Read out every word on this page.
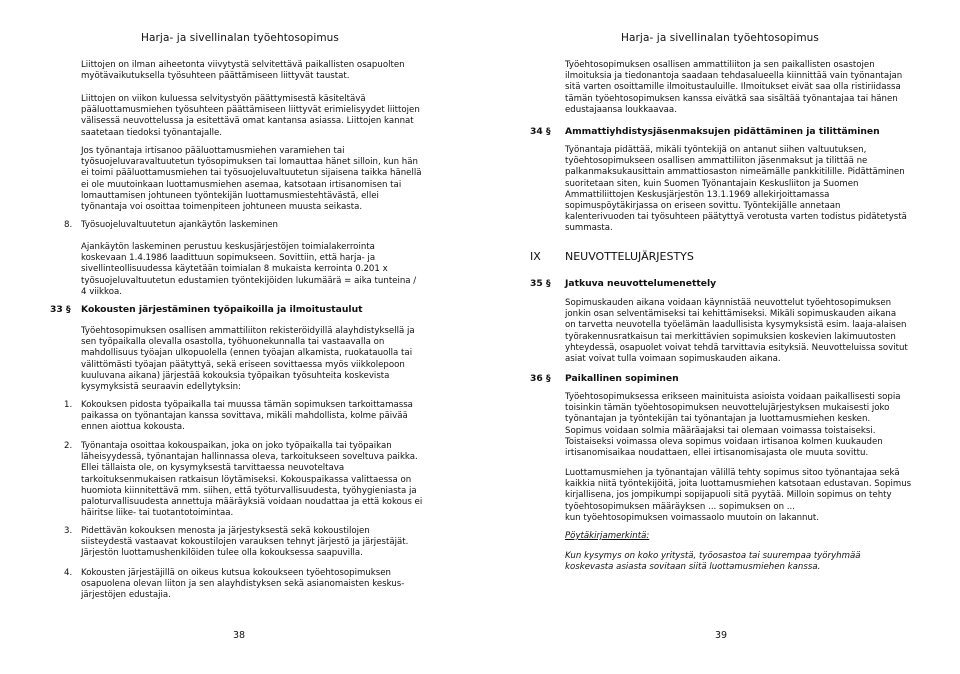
Harja- ja sivellinalan työehtosopimus
Liittojen on ilman aiheetonta viivytystä selvitettävä paikallisten osapuolten
myötävaikutuksella työsuhteen päättämiseen liittyvät taustat.
Liittojen on viikon kuluessa selvitystyön päättymisestä käsiteltävä
pääluottamusmiehen työsuhteen päättämiseen liittyvät erimielisyydet liittojen
välisessä neuvottelussa ja esitettävä omat kantansa asiassa. Liittojen kannat
saatetaan tiedoksi työnantajalle.
Jos työnantaja irtisanoo pääluottamusmiehen varamiehen tai
työsuojeluvaravaltuutetun työsopimuksen tai lomauttaa hänet silloin, kun hän
ei toimi pääluottamusmiehen tai työsuojeluvaltuutetun sijaisena taikka hänellä
ei ole muutoinkaan luottamusmiehen asemaa, katsotaan irtisanomisen tai
lomauttamisen johtuneen työntekijän luottamusmiestehtävästä, ellei
työnantaja voi osoittaa toimenpiteen johtuneen muusta seikasta.
8. Työsuojeluvaltuutetun ajankäytön laskeminen
Ajankäytön laskeminen perustuu keskusjärjestöjen toimialakerrointa
koskevaan 1.4.1986 laadittuun sopimukseen. Sovittiin, että harja- ja
sivellinteollisuudessa käytetään toimialan 8 mukaista kerrointa 0.201 x
työsuojeluvaltuutetun edustamien työntekijöiden lukumäärä = aika tunteina /
4 viikkoa.
33 § Kokousten järjestäminen työpaikoilla ja ilmoitustaulut
Työehtosopimuksen osallisen ammattiliiton rekisteröidyillä alayhdistyksellä ja
sen työpaikalla olevalla osastolla, työhuonekunnalla tai vastaavalla on
mahdollisuus työajan ulkopuolella (ennen työajan alkamista, ruokatauolla tai
välittömästi työajan päätyttyä, sekä eriseen sovittaessa myös viikkolepoon
kuuluvana aikana) järjestää kokouksia työpaikan työsuhteita koskevista
kysymyksistä seuraavin edellytyksin:
1. Kokouksen pidosta työpaikalla tai muussa tämän sopimuksen tarkoittamassa
paikassa on työnantajan kanssa sovittava, mikäli mahdollista, kolme päivää
ennen aiottua kokousta.
2. Työnantaja osoittaa kokouspaikan, joka on joko työpaikalla tai työpaikan
läheisyydessä, työnantajan hallinnassa oleva, tarkoitukseen soveltuva paikka.
Ellei tällaista ole, on kysymyksestä tarvittaessa neuvoteltava
tarkoituksenmukaisen ratkaisun löytämiseksi. Kokouspaikassa valittaessa on
huomiota kiinnitettävä mm. siihen, että työturvallisuudesta, työhygieniasta ja
paloturvallisuudesta annettuja määräyksiä voidaan noudattaa ja että kokous ei
häiritse liike- tai tuotantotoimintaa.
3. Pidettävän kokouksen menosta ja järjestyksestä sekä kokoustilojen
siisteydestä vastaavat kokoustilojen varauksen tehnyt järjestö ja järjestäjät.
Järjestön luottamushenkilöiden tulee olla kokouksessa saapuvilla.
4. Kokousten järjestäjillä on oikeus kutsua kokoukseen työehtosopimuksen
osapuolena olevan liiton ja sen alayhdistyksen sekä asianomaisten keskus-
järjestöjen edustajia.
38
Harja- ja sivellinalan työehtosopimus
Työehtosopimuksen osallisen ammattiliiton ja sen paikallisten osastojen
ilmoituksia ja tiedonantoja saadaan tehdasalueella kiinnittää vain työnantajan
sitä varten osoittamille ilmoitustauluille. Ilmoitukset eivät saa olla ristiriidassa
tämän työehtosopimuksen kanssa eivätkä saa sisältää työnantajaa tai hänen
edustajaansa loukkaavaa.
34 § Ammattiyhdistysjäsenmaksujen pidättäminen ja tilittäminen
Työnantaja pidättää, mikäli työntekijä on antanut siihen valtuutuksen,
työehtosopimukseen osallisen ammattiliiton jäsenmaksut ja tilittää ne
palkanmaksukausittain ammattiosaston nimeämälle pankkitilille. Pidättäminen
suoritetaan siten, kuin Suomen Työnantajain Keskusliiton ja Suomen
Ammattiliittojen Keskusjärjestön 13.1.1969 allekirjoittamassa
sopimuspöytäkirjassa on eriseen sovittu. Työntekijälle annetaan
kalenterivuoden tai työsuhteen päätyttyä verotusta varten todistus pidätetystä
summasta.
IX NEUVOTTELUJÄRJESTYS
35 § Jatkuva neuvottelumenettely
Sopimuskauden aikana voidaan käynnistää neuvottelut työehtosopimuksen
jonkin osan selventämiseksi tai kehittämiseksi. Mikäli sopimuskauden aikana
on tarvetta neuvotella työelämän laadullisista kysymyksistä esim. laaja-alaisen
työrakennusratkaisun tai merkittävien sopimuksien koskevien lakimuutosten
yhteydessä, osapuolet voivat tehdä tarvittavia esityksiä. Neuvotteluissa sovitut
asiat voivat tulla voimaan sopimuskauden aikana.
36 § Paikallinen sopiminen
Työehtosopimuksessa erikseen mainituista asioista voidaan paikallisesti sopia
toisinkin tämän työehtosopimuksen neuvottelujärjestyksen mukaisesti joko
työnantajan ja työntekijän tai työnantajan ja luottamusmiehen kesken.
Sopimus voidaan solmia määräajaksi tai olemaan voimassa toistaiseksi.
Toistaiseksi voimassa oleva sopimus voidaan irtisanoa kolmen kuukauden
irtisanomisaikaa noudattaen, ellei irtisanomisajasta ole muuta sovittu.
Luottamusmiehen ja työnantajan välillä tehty sopimus sitoo työnantajaa sekä
kaikkia niitä työntekijöitä, joita luottamusmiehen katsotaan edustavan. Sopimus
kirjallisena, jos jompikumpi sopijapuoli sitä pyytää. Milloin sopimus on tehty
työehtosopimuksen määräyksen ... sopimuksen on ...
kun työehtosopimuksen voimassaolo muutoin on lakannut.
Pöytäkirjamerkintä:
Kun kysymys on koko yritystä, työosastoa tai suurempaa työryhmää
koskevasta asiasta sovitaan siitä luottamusmiehen kanssa.
39
